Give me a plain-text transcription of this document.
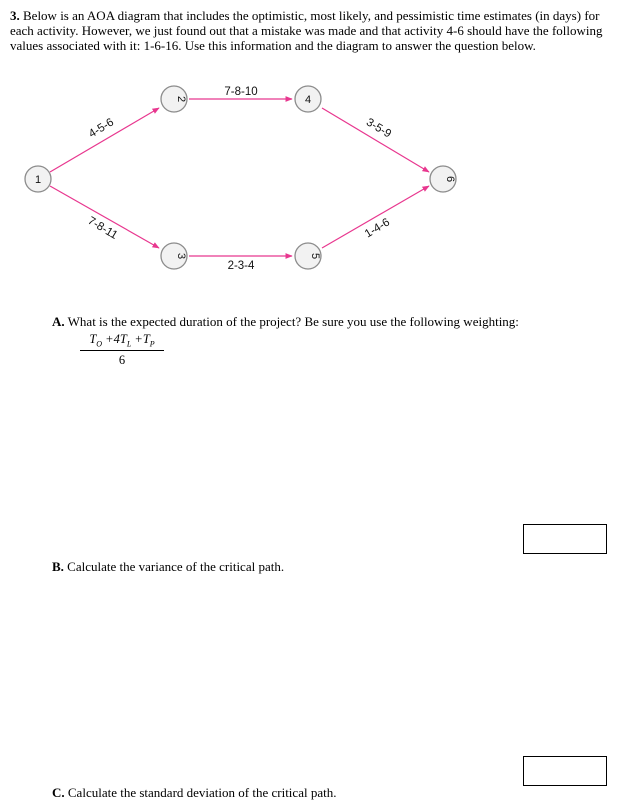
3. Below is an AOA diagram that includes the optimistic, most likely, and pessimistic time estimates (in days) for each activity. However, we just found out that a mistake was made and that activity 4-6 should have the following values associated with it: 1-6-16. Use this information and the diagram to answer the question below.

4-5-6
7-8-10
3-5-9
7-8-11
2-3-4
1-4-6
1
2
3
4
5
6

A. What is the expected duration of the project? Be sure you use the following weighting:

$\frac{T_O +4T_L +T_P}{6}$

B. Calculate the variance of the critical path.

C. Calculate the standard deviation of the critical path.
